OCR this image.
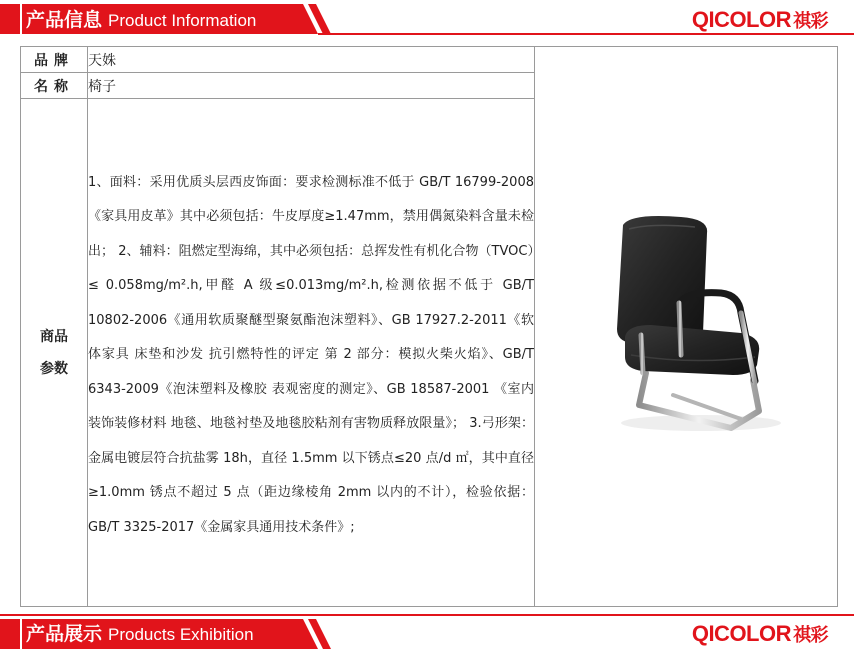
产品信息 Product Information	QICOLOR 祺彩
品牌	天姝	
名称	椅子	

商品
参数	1、面料：采用优质头层西皮饰面：要求检测标准不低于 GB/T 16799-2008《家具用皮革》其中必须包括：牛皮厚度≥1.47mm，禁用偶氮染料含量未检出； 2、辅料：阻燃定型海绵，其中必须包括：总挥发性有机化合物（TVOC）≤ 0.058mg/m².h,甲醛 A 级≤0.013mg/m².h,检测依据不低于 GB/T 10802-2006《通用软质聚醚型聚氨酯泡沫塑料》、GB 17927.2-2011《软体家具 床垫和沙发 抗引燃特性的评定 第 2 部分：模拟火柴火焰》、GB/T 6343-2009《泡沫塑料及橡胶 表观密度的测定》、GB 18587-2001 《室内装饰装修材料 地毯、地毯衬垫及地毯胶粘剂有害物质释放限量》； 3.弓形架：金属电镀层符合抗盐雾 18h，直径 1.5mm 以下锈点≤20 点/d ㎡，其中直径≥1.0mm 锈点不超过 5 点（距边缘棱角 2mm 以内的不计），检验依据：GB/T 3325-2017《金属家具通用技术条件》;	

产品展示 Products Exhibition	QICOLOR 祺彩
